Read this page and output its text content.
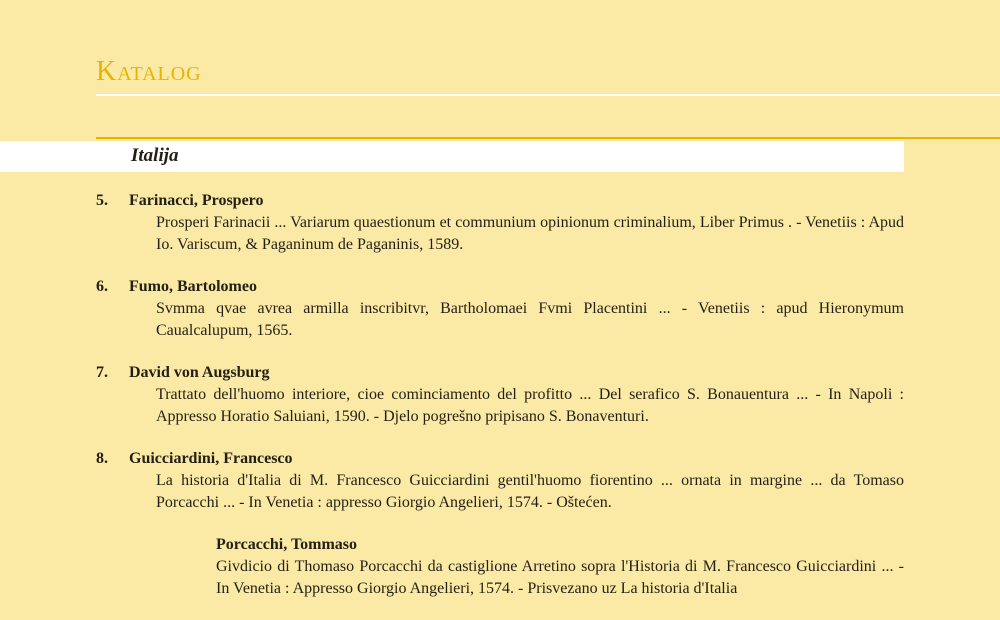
Katalog
Italija
5.	Farinacci, Prospero
Prosperi Farinacii ... Variarum quaestionum et communium opinionum criminalium, Liber Primus . - Venetiis : Apud Io. Variscum, & Paganinum de Paganinis, 1589.
6.	Fumo, Bartolomeo
Svmma qvae avrea armilla inscribitvr, Bartholomaei Fvmi Placentini ... - Venetiis : apud Hieronymum Caualcalupum, 1565.
7.	David von Augsburg
Trattato dell'huomo interiore, cioe cominciamento del profitto ... Del serafico S. Bonauentura ... - In Napoli : Appresso Horatio Saluiani, 1590. - Djelo pogrešno pripisano S. Bonaventuri.
8.	Guicciardini, Francesco
La historia d'Italia di M. Francesco Guicciardini gentil'huomo fiorentino ... ornata in margine ... da Tomaso Porcacchi ... - In Venetia : appresso Giorgio Angelieri, 1574. - Oštećen.
Porcacchi, Tommaso
Givdicio di Thomaso Porcacchi da castiglione Arretino sopra l'Historia di M. Francesco Guicciardini ... - In Venetia : Appresso Giorgio Angelieri, 1574. - Prisvezano uz La historia d'Italia
